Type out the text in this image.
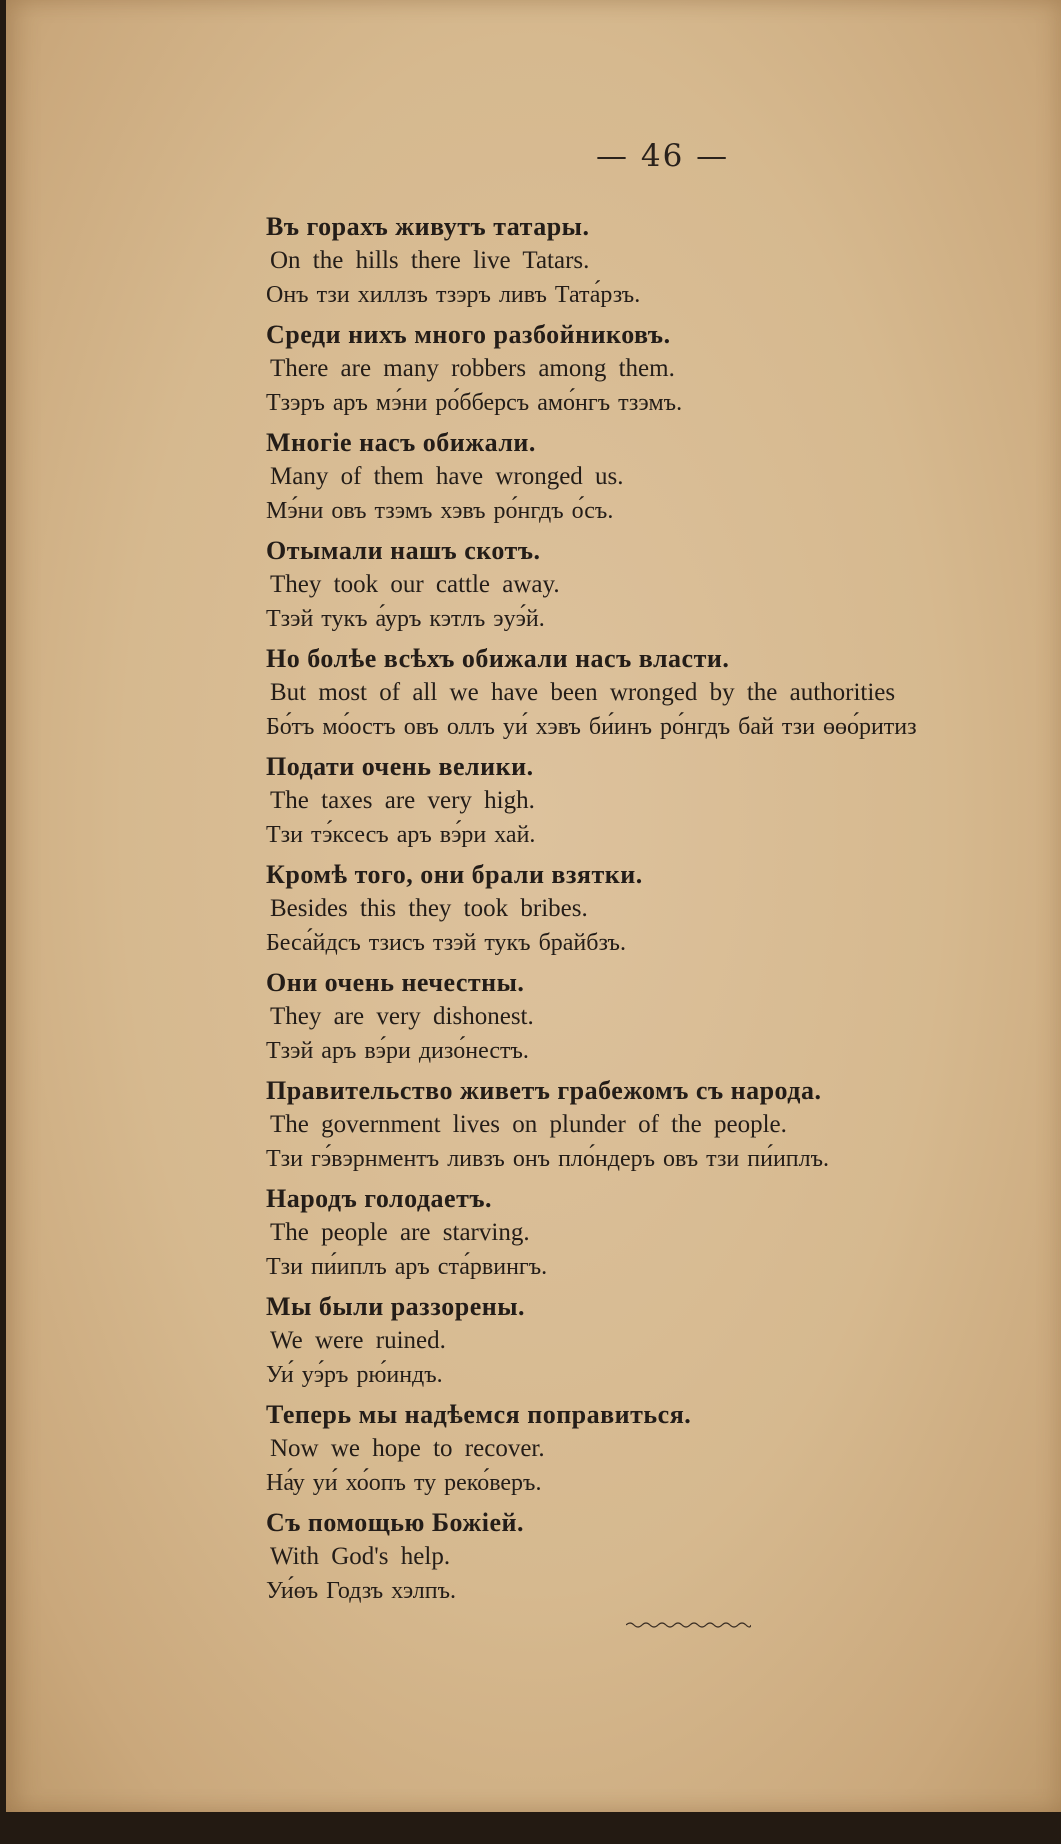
— 46 —
Въ горахъ живутъ татары.
On the hills there live Tatars.
Онъ тзи хиллзъ тзэръ ливъ Тата́рзъ.
Среди нихъ много разбойниковъ.
There are many robbers among them.
Тзэръ аръ мэ́ни ро́бберсъ амо́нгъ тзэмъ.
Многіе насъ обижали.
Many of them have wronged us.
Мэ́ни овъ тзэмъ хэвъ ро́нгдъ о́съ.
Отымали нашъ скотъ.
They took our cattle away.
Тзэй тукъ а́уръ кэтлъ эуэ́й.
Но болѣе всѣхъ обижали насъ власти.
But most of all we have been wronged by the authorities
Бо́тъ мо́остъ овъ оллъ уи́ хэвъ би́инъ ро́нгдъ бай тзи өөо́ритиз
Подати очень велики.
The taxes are very high.
Тзи тэ́ксесъ аръ вэ́ри хай.
Кромѣ того, они брали взятки.
Besides this they took bribes.
Беса́йдсъ тзисъ тзэй тукъ брайбзъ.
Они очень нечестны.
They are very dishonest.
Тзэй аръ вэ́ри дизо́нестъ.
Правительство живетъ грабежомъ съ народа.
The government lives on plunder of the people.
Тзи гэ́вэрнментъ ливзъ онъ пло́ндеръ овъ тзи пи́иплъ.
Народъ голодаетъ.
The people are starving.
Тзи пи́иплъ аръ ста́рвингъ.
Мы были раззорены.
We were ruined.
Уи́ уэ́ръ рю́индъ.
Теперь мы надѣемся поправиться.
Now we hope to recover.
На́у уи́ хо́опъ ту реко́веръ.
Съ помощью Божіей.
With God's help.
Уи́өъ Годзъ хэлпъ.
